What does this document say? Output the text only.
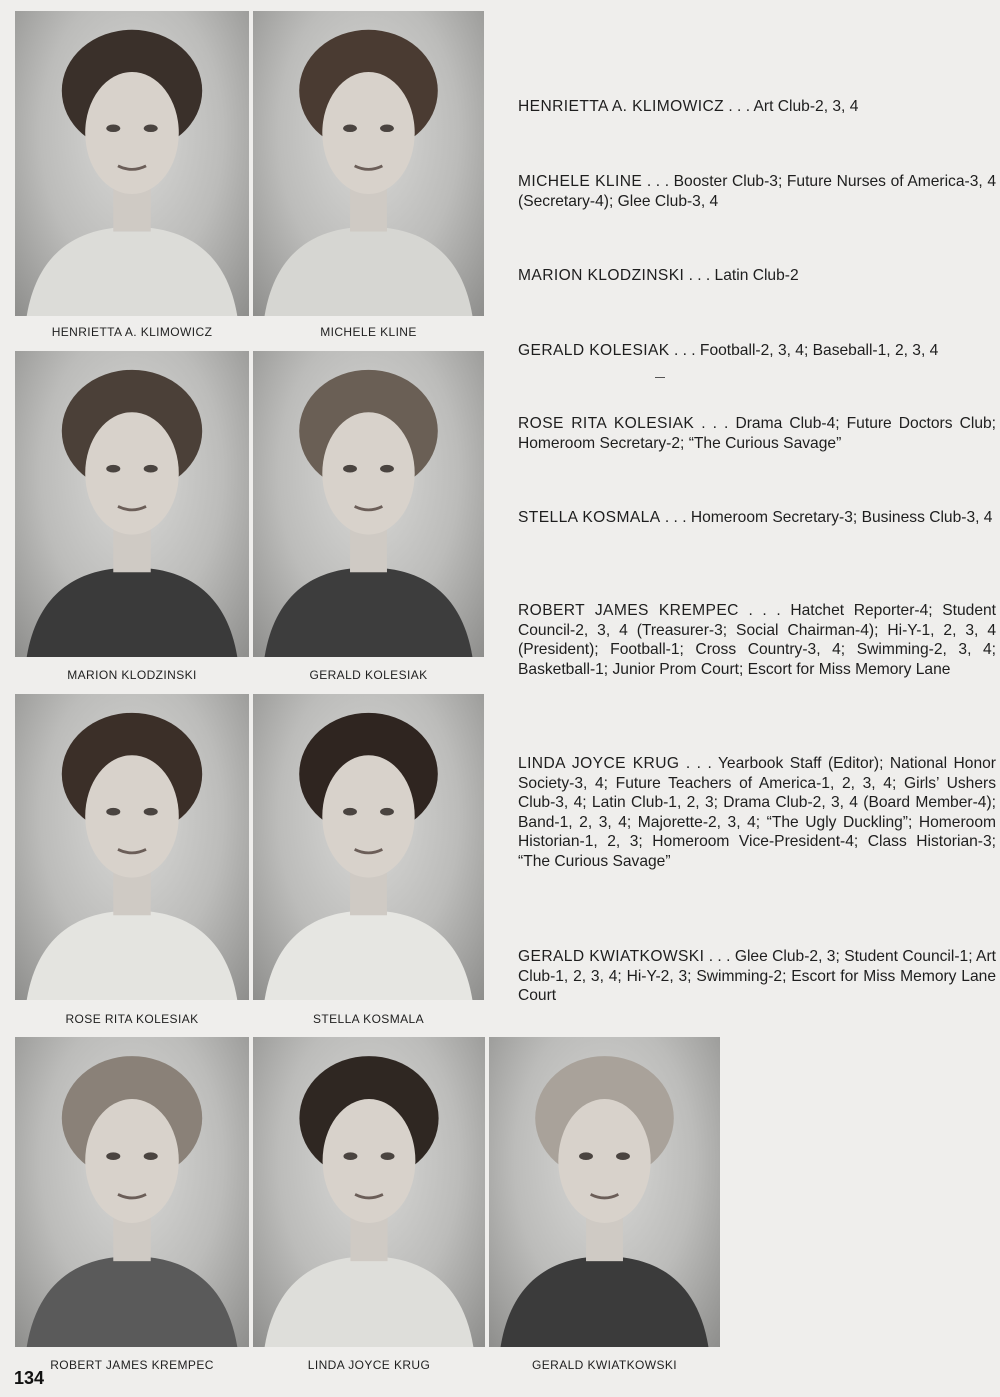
HENRIETTA A. KLIMOWICZ	MICHELE KLINE
MARION KLODZINSKI	GERALD KOLESIAK
ROSE RITA KOLESIAK	STELLA KOSMALA
ROBERT JAMES KREMPEC	LINDA JOYCE KRUG	GERALD KWIATKOWSKI
HENRIETTA A. KLIMOWICZ . . . Art Club-2, 3, 4
MICHELE KLINE . . . Booster Club-3; Future Nurses of America-3, 4 (Secretary-4); Glee Club-3, 4
MARION KLODZINSKI . . . Latin Club-2
GERALD KOLESIAK . . . Football-2, 3, 4; Baseball-1, 2, 3, 4
ROSE RITA KOLESIAK . . . Drama Club-4; Future Doctors Club; Homeroom Secretary-2; “The Curious Savage”
STELLA KOSMALA . . . Homeroom Secretary-3; Business Club-3, 4
ROBERT JAMES KREMPEC . . . Hatchet Reporter-4; Student Council-2, 3, 4 (Treasurer-3; Social Chairman-4); Hi-Y-1, 2, 3, 4 (President); Football-1; Cross Country-3, 4; Swimming-2, 3, 4; Basketball-1; Junior Prom Court; Escort for Miss Memory Lane
LINDA JOYCE KRUG . . . Yearbook Staff (Editor); National Honor Society-3, 4; Future Teachers of America-1, 2, 3, 4; Girls’ Ushers Club-3, 4; Latin Club-1, 2, 3; Drama Club-2, 3, 4 (Board Member-4); Band-1, 2, 3, 4; Majorette-2, 3, 4; “The Ugly Duckling”; Homeroom Historian-1, 2, 3; Homeroom Vice-President-4; Class Historian-3; “The Curious Savage”
GERALD KWIATKOWSKI . . . Glee Club-2, 3; Student Council-1; Art Club-1, 2, 3, 4; Hi-Y-2, 3; Swimming-2; Escort for Miss Memory Lane Court
134
